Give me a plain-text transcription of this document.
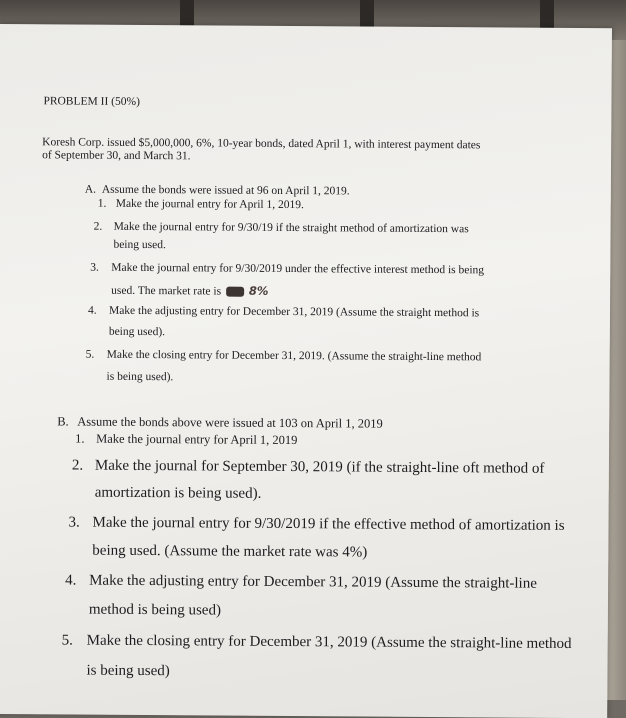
PROBLEM II (50%)
Koresh Corp. issued $5,000,000, 6%, 10-year bonds, dated April 1, with interest payment dates
of September 30, and March 31.
A. Assume the bonds were issued at 96 on April 1, 2019.
1. Make the journal entry for April 1, 2019.
2. Make the journal entry for 9/30/19 if the straight method of amortization was
being used.
3. Make the journal entry for 9/30/2019 under the effective interest method is being
used. The market rate is 8%
4. Make the adjusting entry for December 31, 2019 (Assume the straight method is
being used).
5. Make the closing entry for December 31, 2019. (Assume the straight-line method
is being used).
B. Assume the bonds above were issued at 103 on April 1, 2019
1. Make the journal entry for April 1, 2019
2. Make the journal for September 30, 2019 (if the straight-line oft method of
amortization is being used).
3. Make the journal entry for 9/30/2019 if the effective method of amortization is
being used. (Assume the market rate was 4%)
4. Make the adjusting entry for December 31, 2019 (Assume the straight-line
method is being used)
5. Make the closing entry for December 31, 2019 (Assume the straight-line method
is being used)
